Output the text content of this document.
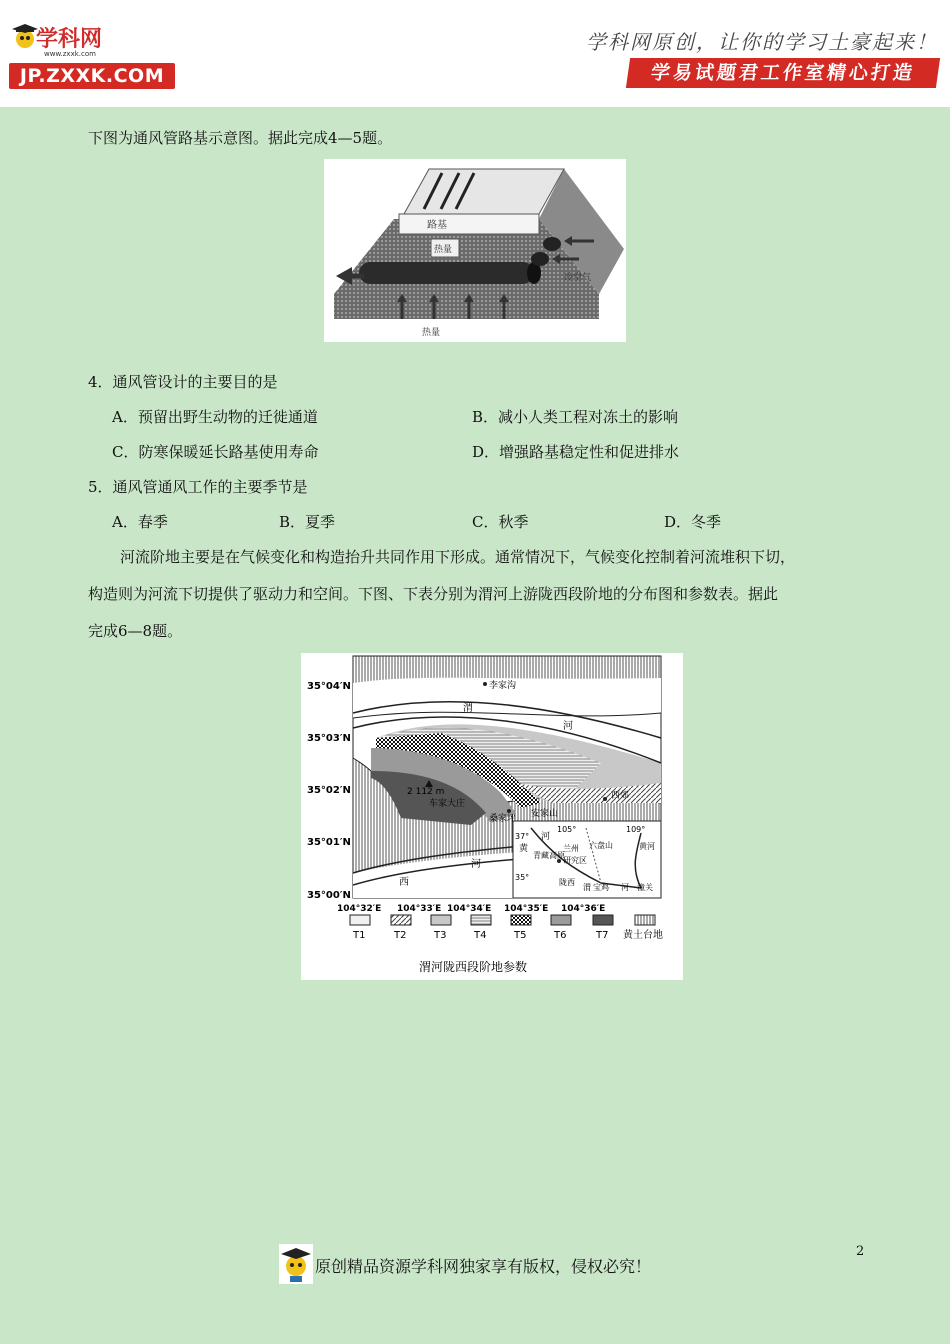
学科网
www.zxxk.com
JP.ZXXK.COM
学科网原创，让你的学习土豪起来！
学易试题君工作室精心打造
下图为通风管路基示意图。据此完成4—5题。
路基
热量
冷空气
热量
4．通风管设计的主要目的是
A．预留出野生动物的迁徙通道	B．减小人类工程对冻土的影响
C．防寒保暖延长路基使用寿命	D．增强路基稳定性和促进排水
5．通风管通风工作的主要季节是
A．春季	B．夏季	C．秋季	D．冬季
河流阶地主要是在气候变化和构造抬升共同作用下形成。通常情况下，气候变化控制着河流堆积下切，
构造则为河流下切提供了驱动力和空间。下图、下表分别为渭河上游陇西段阶地的分布图和参数表。据此
完成6—8题。
35°04′N
35°03′N
35°02′N
35°01′N
35°00′N
104°32′E 104°33′E 104°34′E 104°35′E 104°36′E
李家沟
渭
河
2 112 m
车家大庄
桑家坪 安家山
西郊
河
西
37°
35°
105°	109°
黄
河
青藏高原
兰州
研究区
陇西
六盘山	黄河
渭 宝鸡 河 潼关
T1	T2	T3	T4	T5	T6	T7 黄土台地
渭河陇西段阶地参数
原创精品资源学科网独家享有版权，侵权必究！
2
